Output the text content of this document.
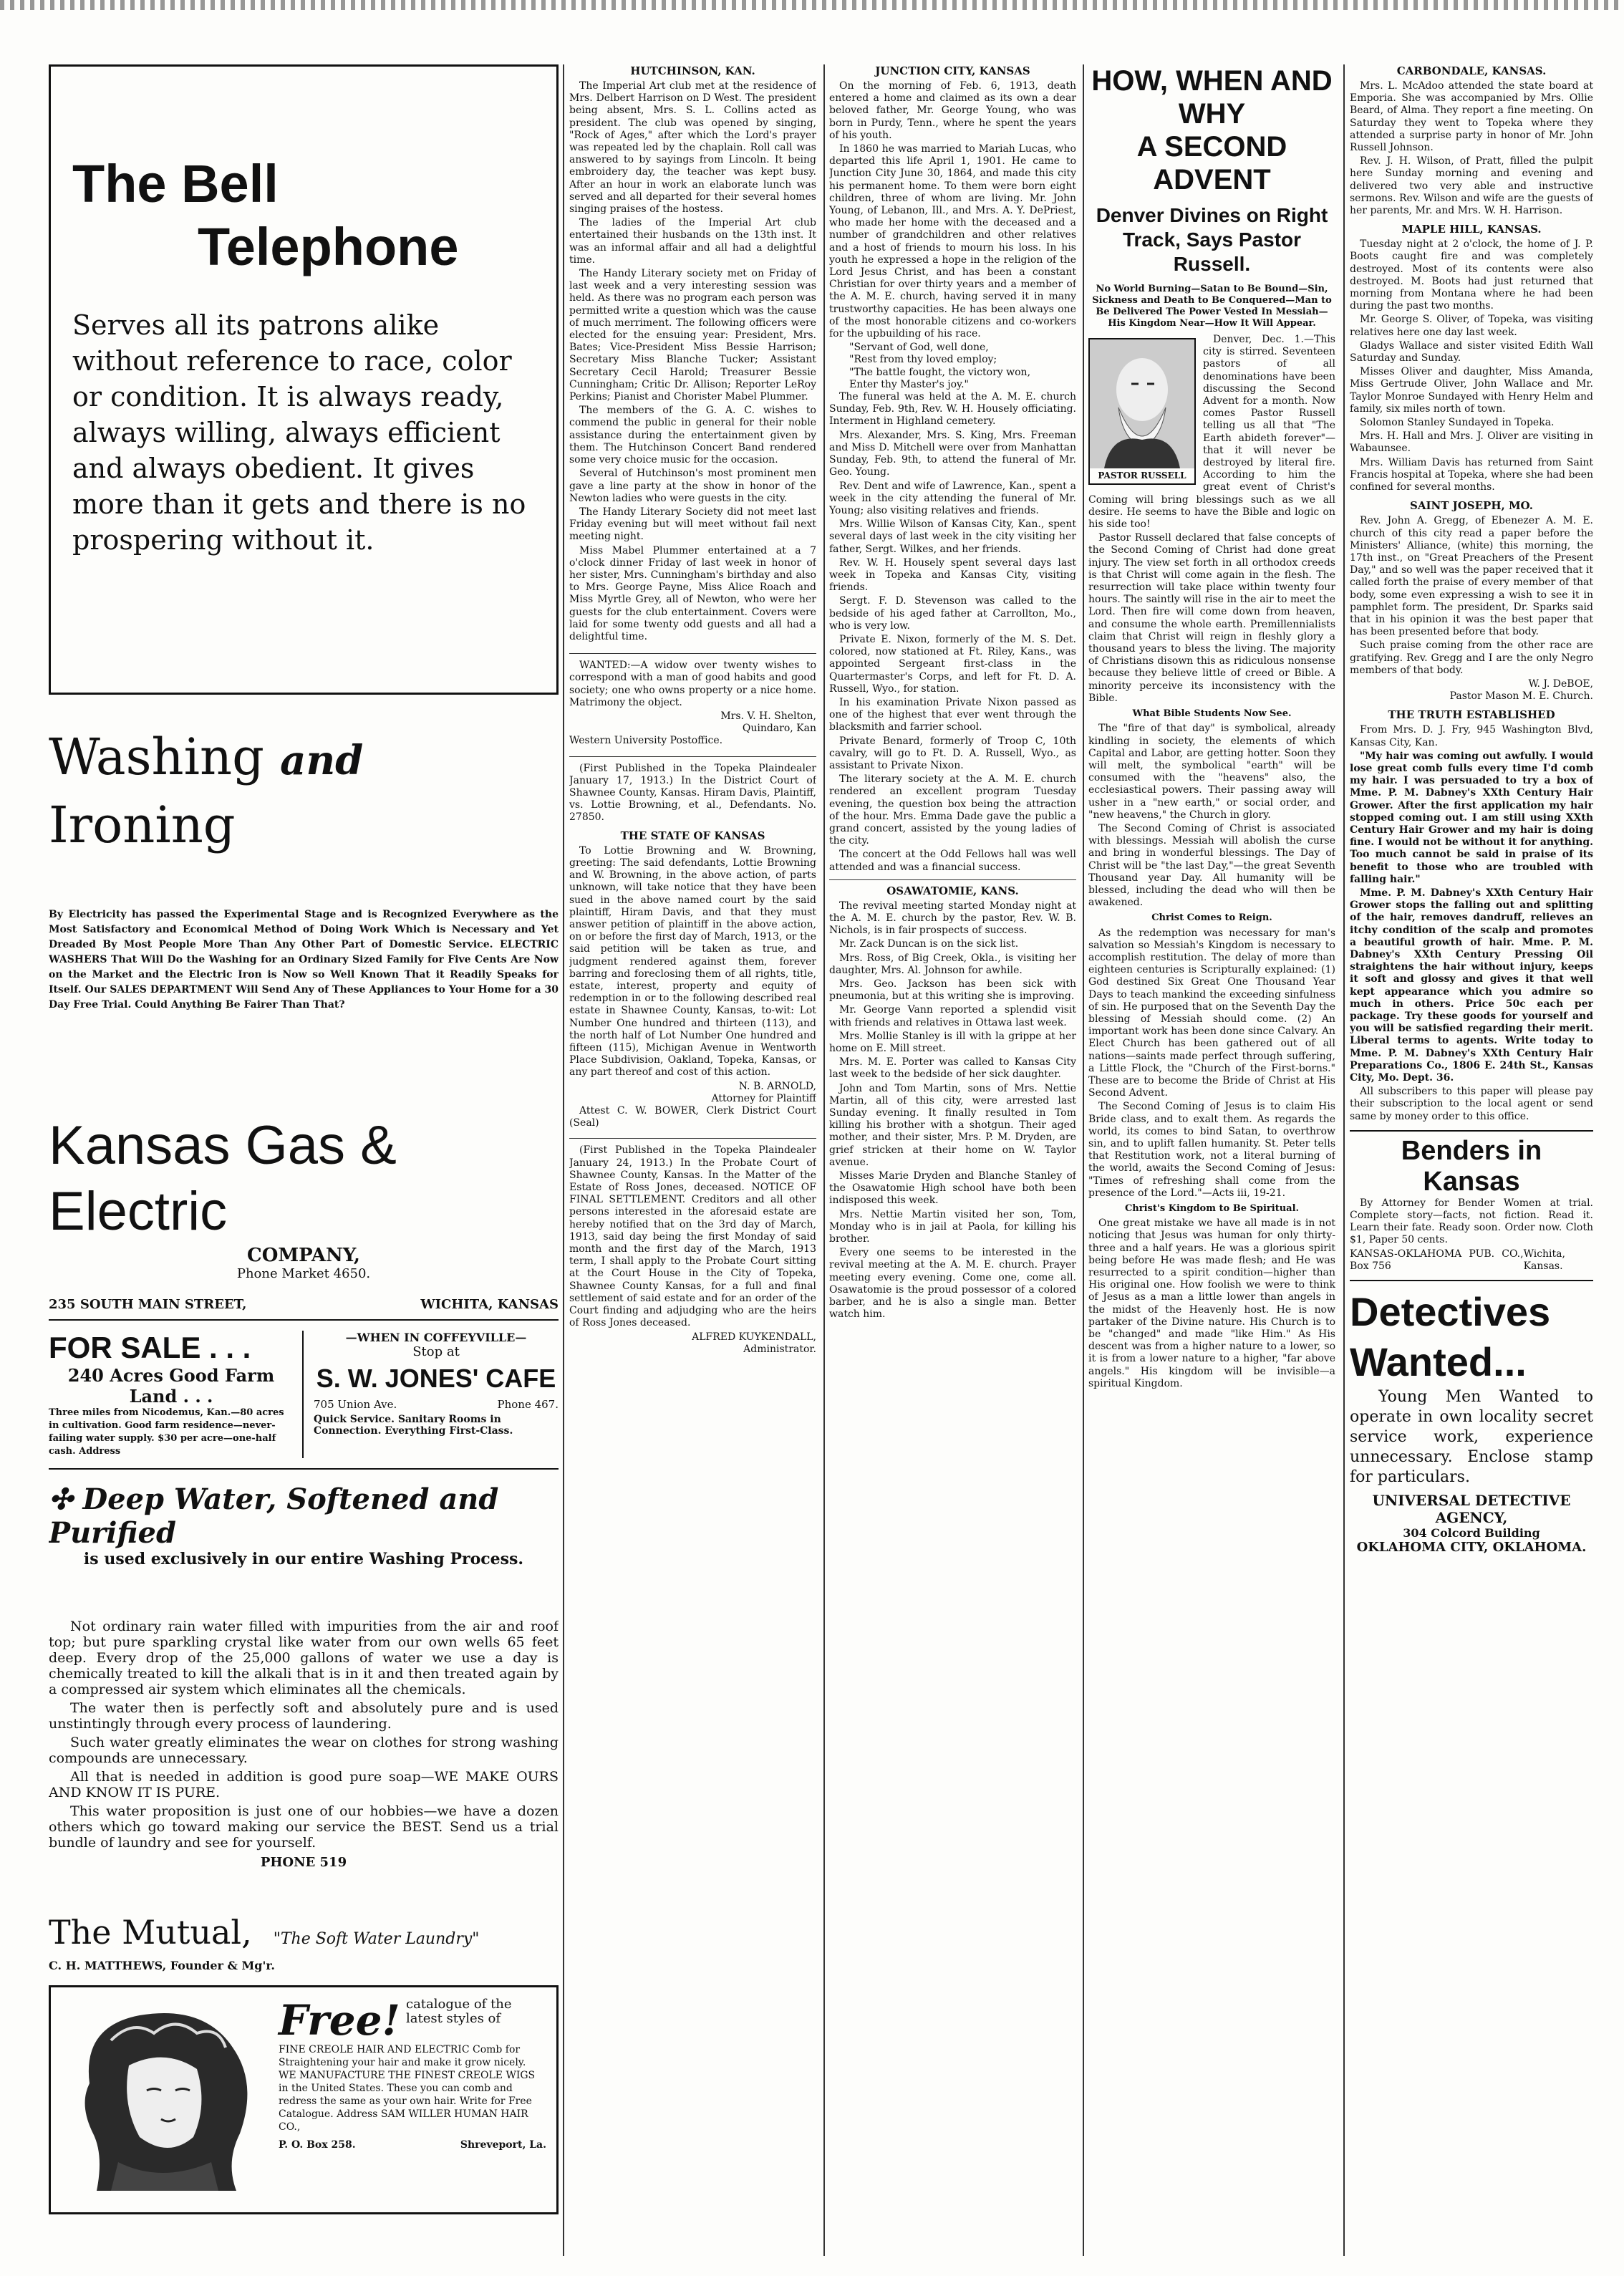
The Bell
Telephone
Serves all its patrons alike without reference to race, color or condition. It is always ready, always willing, always efficient and always obedient. It gives more than it gets and there is no prospering without it.
Washing and Ironing
By Electricity has passed the Experimental Stage and is Recognized Everywhere as the Most Satisfactory and Economical Method of Doing Work Which is Necessary and Yet Dreaded By Most People More Than Any Other Part of Domestic Service. ELECTRIC WASHERS That Will Do the Washing for an Ordinary Sized Family for Five Cents Are Now on the Market and the Electric Iron is Now so Well Known That it Readily Speaks for Itself. Our SALES DEPARTMENT Will Send Any of These Appliances to Your Home for a 30 Day Free Trial. Could Anything Be Fairer Than That?
Kansas Gas & Electric
COMPANY,
Phone Market 4650.
235 SOUTH MAIN STREET,	WICHITA, KANSAS
FOR SALE . . .
240 Acres Good Farm Land . . .
Three miles from Nicodemus, Kan.—80 acres in cultivation. Good farm residence—never-failing water supply. $30 per acre—one-half cash. Address
—WHEN IN COFFEYVILLE—
Stop at
S. W. JONES' CAFE
705 Union Ave.	Phone 467.
Quick Service. Sanitary Rooms in Connection. Everything First-Class.
✣ Deep Water, Softened and Purified
is used exclusively in our entire Washing Process.

Not ordinary rain water filled with impurities from the air and roof top; but pure sparkling crystal like water from our own wells 65 feet deep. Every drop of the 25,000 gallons of water we use a day is chemically treated to kill the alkali that is in it and then treated again by a compressed air system which eliminates all the chemicals.

The water then is perfectly soft and absolutely pure and is used unstintingly through every process of laundering.

Such water greatly eliminates the wear on clothes for strong washing compounds are unnecessary.

All that is needed in addition is good pure soap—WE MAKE OURS AND KNOW IT IS PURE.

This water proposition is just one of our hobbies—we have a dozen others which go toward making our service the BEST. Send us a trial bundle of laundry and see for yourself.

PHONE 519
The Mutual, "The Soft Water Laundry"
C. H. MATTHEWS, Founder & Mg'r.
Free! catalogue of the latest styles of
FINE CREOLE HAIR AND ELECTRIC Comb for Straightening your hair and make it grow nicely. WE MANUFACTURE THE FINEST CREOLE WIGS in the United States. These you can comb and redress the same as your own hair. Write for Free Catalogue. Address SAM WILLER HUMAN HAIR CO.,
P. O. Box 258.	Shreveport, La.
HUTCHINSON, KAN.

The Imperial Art club met at the residence of Mrs. Delbert Harrison on D West. The president being absent, Mrs. S. L. Collins acted as president. The club was opened by singing, "Rock of Ages," after which the Lord's prayer was repeated led by the chaplain. Roll call was answered to by sayings from Lincoln. It being embroidery day, the teacher was kept busy. After an hour in work an elaborate lunch was served and all departed for their several homes singing praises of the hostess.

The ladies of the Imperial Art club entertained their husbands on the 13th inst. It was an informal affair and all had a delightful time.

The Handy Literary society met on Friday of last week and a very interesting session was held. As there was no program each person was permitted write a question which was the cause of much merriment. The following officers were elected for the ensuing year: President, Mrs. Bates; Vice-President Miss Bessie Harrison; Secretary Miss Blanche Tucker; Assistant Secretary Cecil Harold; Treasurer Bessie Cunningham; Critic Dr. Allison; Reporter LeRoy Perkins; Pianist and Chorister Mabel Plummer.

The members of the G. A. C. wishes to commend the public in general for their noble assistance during the entertainment given by them. The Hutchinson Concert Band rendered some very choice music for the occasion.

Several of Hutchinson's most prominent men gave a line party at the show in honor of the Newton ladies who were guests in the city.

The Handy Literary Society did not meet last Friday evening but will meet without fail next meeting night.

Miss Mabel Plummer entertained at a 7 o'clock dinner Friday of last week in honor of her sister, Mrs. Cunningham's birthday and also to Mrs. George Payne, Miss Alice Roach and Miss Myrtle Grey, all of Newton, who were her guests for the club entertainment. Covers were laid for some twenty odd guests and all had a delightful time.

WANTED:—A widow over twenty wishes to correspond with a man of good habits and good society; one who owns property or a nice home. Matrimony the object.

Mrs. V. H. Shelton,
Quindaro, Kan
Western University Postoffice.

(First Published in the Topeka Plaindealer January 17, 1913.) In the District Court of Shawnee County, Kansas. Hiram Davis, Plaintiff, vs. Lottie Browning, et al., Defendants. No. 27850.

THE STATE OF KANSAS

To Lottie Browning and W. Browning, greeting: The said defendants, Lottie Browning and W. Browning, in the above action, of parts unknown, will take notice that they have been sued in the above named court by the said plaintiff, Hiram Davis, and that they must answer petition of plaintiff in the above action, on or before the first day of March, 1913, or the said petition will be taken as true, and judgment rendered against them, forever barring and foreclosing them of all rights, title, estate, interest, property and equity of redemption in or to the following described real estate in Shawnee County, Kansas, to-wit: Lot Number One hundred and thirteen (113), and the north half of Lot Number One hundred and fifteen (115), Michigan Avenue in Wentworth Place Subdivision, Oakland, Topeka, Kansas, or any part thereof and cost of this action.

N. B. ARNOLD,
Attorney for Plaintiff

Attest C. W. BOWER, Clerk District Court (Seal)

(First Published in the Topeka Plaindealer January 24, 1913.) In the Probate Court of Shawnee County, Kansas. In the Matter of the Estate of Ross Jones, deceased. NOTICE OF FINAL SETTLEMENT. Creditors and all other persons interested in the aforesaid estate are hereby notified that on the 3rd day of March, 1913, said day being the first Monday of said month and the first day of the March, 1913 term, I shall apply to the Probate Court sitting at the Court House in the City of Topeka, Shawnee County Kansas, for a full and final settlement of said estate and for an order of the Court finding and adjudging who are the heirs of Ross Jones deceased.

ALFRED KUYKENDALL,
Administrator.
JUNCTION CITY, KANSAS

On the morning of Feb. 6, 1913, death entered a home and claimed as its own a dear beloved father, Mr. George Young, who was born in Purdy, Tenn., where he spent the years of his youth.

In 1860 he was married to Mariah Lucas, who departed this life April 1, 1901. He came to Junction City June 30, 1864, and made this city his permanent home. To them were born eight children, three of whom are living. Mr. John Young, of Lebanon, Ill., and Mrs. A. Y. DePriest, who made her home with the deceased and a number of grandchildren and other relatives and a host of friends to mourn his loss. In his youth he expressed a hope in the religion of the Lord Jesus Christ, and has been a constant Christian for over thirty years and a member of the A. M. E. church, having served it in many trustworthy capacities. He has been always one of the most honorable citizens and co-workers for the upbuilding of his race.

"Servant of God, well done,
"Rest from thy loved employ;
"The battle fought, the victory won,
Enter thy Master's joy."

The funeral was held at the A. M. E. church Sunday, Feb. 9th, Rev. W. H. Housely officiating. Interment in Highland cemetery.

Mrs. Alexander, Mrs. S. King, Mrs. Freeman and Miss D. Mitchell were over from Manhattan Sunday, Feb. 9th, to attend the funeral of Mr. Geo. Young.

Rev. Dent and wife of Lawrence, Kan., spent a week in the city attending the funeral of Mr. Young; also visiting relatives and friends.

Mrs. Willie Wilson of Kansas City, Kan., spent several days of last week in the city visiting her father, Sergt. Wilkes, and her friends.

Rev. W. H. Housely spent several days last week in Topeka and Kansas City, visiting friends.

Sergt. F. D. Stevenson was called to the bedside of his aged father at Carrollton, Mo., who is very low.

Private E. Nixon, formerly of the M. S. Det. colored, now stationed at Ft. Riley, Kans., was appointed Sergeant first-class in the Quartermaster's Corps, and left for Ft. D. A. Russell, Wyo., for station.

In his examination Private Nixon passed as one of the highest that ever went through the blacksmith and farrier school.

Private Benard, formerly of Troop C, 10th cavalry, will go to Ft. D. A. Russell, Wyo., as assistant to Private Nixon.

The literary society at the A. M. E. church rendered an excellent program Tuesday evening, the question box being the attraction of the hour. Mrs. Emma Dade gave the public a grand concert, assisted by the young ladies of the city.

The concert at the Odd Fellows hall was well attended and was a financial success.

OSAWATOMIE, KANS.

The revival meeting started Monday night at the A. M. E. church by the pastor, Rev. W. B. Nichols, is in fair prospects of success.

Mr. Zack Duncan is on the sick list.

Mrs. Ross, of Big Creek, Okla., is visiting her daughter, Mrs. Al. Johnson for awhile.

Mrs. Geo. Jackson has been sick with pneumonia, but at this writing she is improving.

Mr. George Vann reported a splendid visit with friends and relatives in Ottawa last week.

Mrs. Mollie Stanley is ill with la grippe at her home on E. Mill street.

Mrs. M. E. Porter was called to Kansas City last week to the bedside of her sick daughter.

John and Tom Martin, sons of Mrs. Nettie Martin, all of this city, were arrested last Sunday evening. It finally resulted in Tom killing his brother with a shotgun. Their aged mother, and their sister, Mrs. P. M. Dryden, are grief stricken at their home on W. Taylor avenue.

Misses Marie Dryden and Blanche Stanley of the Osawatomie High school have both been indisposed this week.

Mrs. Nettie Martin visited her son, Tom, Monday who is in jail at Paola, for killing his brother.

Every one seems to be interested in the revival meeting at the A. M. E. church. Prayer meeting every evening. Come one, come all. Osawatomie is the proud possessor of a colored barber, and he is also a single man. Better watch him.

HOW, WHEN AND WHY
A SECOND ADVENT
Denver Divines on Right Track, Says Pastor Russell.
No World Burning—Satan to Be Bound—Sin, Sickness and Death to Be Conquered—Man to Be Delivered The Power Vested In Messiah—His Kingdom Near—How It Will Appear.
PASTOR RUSSELL

Denver, Dec. 1.—This city is stirred. Seventeen pastors of all denominations have been discussing the Second Advent for a month. Now comes Pastor Russell telling us all that "The Earth abideth forever"—that it will never be destroyed by literal fire. According to him the great event of Christ's Coming will bring blessings such as we all desire. He seems to have the Bible and logic on his side too!

Pastor Russell declared that false concepts of the Second Coming of Christ had done great injury. The view set forth in all orthodox creeds is that Christ will come again in the flesh. The resurrection will take place within twenty four hours. The saintly will rise in the air to meet the Lord. Then fire will come down from heaven, and consume the whole earth. Premillennialists claim that Christ will reign in fleshly glory a thousand years to bless the living. The majority of Christians disown this as ridiculous nonsense because they believe little of creed or Bible. A minority perceive its inconsistency with the Bible.

What Bible Students Now See.

The "fire of that day" is symbolical, already kindling in society, the elements of which Capital and Labor, are getting hotter. Soon they will melt, the symbolical "earth" will be consumed with the "heavens" also, the ecclesiastical powers. Their passing away will usher in a "new earth," or social order, and "new heavens," the Church in glory.

The Second Coming of Christ is associated with blessings. Messiah will abolish the curse and bring in wonderful blessings. The Day of Christ will be "the last Day,"—the great Seventh Thousand year Day. All humanity will be blessed, including the dead who will then be awakened.

Christ Comes to Reign.

As the redemption was necessary for man's salvation so Messiah's Kingdom is necessary to accomplish restitution. The delay of more than eighteen centuries is Scripturally explained: (1) God destined Six Great One Thousand Year Days to teach mankind the exceeding sinfulness of sin. He purposed that on the Seventh Day the blessing of Messiah should come. (2) An important work has been done since Calvary. An Elect Church has been gathered out of all nations—saints made perfect through suffering, a Little Flock, the "Church of the First-borns." These are to become the Bride of Christ at His Second Advent.

The Second Coming of Jesus is to claim His Bride class, and to exalt them. As regards the world, its comes to bind Satan, to overthrow sin, and to uplift fallen humanity. St. Peter tells that Restitution work, not a literal burning of the world, awaits the Second Coming of Jesus: "Times of refreshing shall come from the presence of the Lord."—Acts iii, 19-21.

Christ's Kingdom to Be Spiritual.

One great mistake we have all made is in not noticing that Jesus was human for only thirty-three and a half years. He was a glorious spirit being before He was made flesh; and He was resurrected to a spirit condition—higher than His original one. How foolish we were to think of Jesus as a man a little lower than angels in the midst of the Heavenly host. He is now partaker of the Divine nature. His Church is to be "changed" and made "like Him." As His descent was from a higher nature to a lower, so it is from a lower nature to a higher, "far above angels." His kingdom will be invisible—a spiritual Kingdom.

CARBONDALE, KANSAS.

Mrs. L. McAdoo attended the state board at Emporia. She was accompanied by Mrs. Ollie Beard, of Alma. They report a fine meeting. On Saturday they went to Topeka where they attended a surprise party in honor of Mr. John Russell Johnson.

Rev. J. H. Wilson, of Pratt, filled the pulpit here Sunday morning and evening and delivered two very able and instructive sermons. Rev. Wilson and wife are the guests of her parents, Mr. and Mrs. W. H. Harrison.

MAPLE HILL, KANSAS.

Tuesday night at 2 o'clock, the home of J. P. Boots caught fire and was completely destroyed. Most of its contents were also destroyed. M. Boots had just returned that morning from Montana where he had been during the past two months.

Mr. George S. Oliver, of Topeka, was visiting relatives here one day last week.

Gladys Wallace and sister visited Edith Wall Saturday and Sunday.

Misses Oliver and daughter, Miss Amanda, Miss Gertrude Oliver, John Wallace and Mr. Taylor Monroe Sundayed with Henry Helm and family, six miles north of town.

Solomon Stanley Sundayed in Topeka.

Mrs. H. Hall and Mrs. J. Oliver are visiting in Wabaunsee.

Mrs. William Davis has returned from Saint Francis hospital at Topeka, where she had been confined for several months.

SAINT JOSEPH, MO.

Rev. John A. Gregg, of Ebenezer A. M. E. church of this city read a paper before the Ministers' Alliance, (white) this morning, the 17th inst., on "Great Preachers of the Present Day," and so well was the paper received that it called forth the praise of every member of that body, some even expressing a wish to see it in pamphlet form. The president, Dr. Sparks said that in his opinion it was the best paper that has been presented before that body.

Such praise coming from the other race are gratifying. Rev. Gregg and I are the only Negro members of that body.

W. J. DeBOE,
Pastor Mason M. E. Church.
THE TRUTH ESTABLISHED

From Mrs. D. J. Fry, 945 Washington Blvd, Kansas City, Kan.

"My hair was coming out awfully. I would lose great comb fulls every time I'd comb my hair. I was persuaded to try a box of Mme. P. M. Dabney's XXth Century Hair Grower. After the first application my hair stopped coming out. I am still using XXth Century Hair Grower and my hair is doing fine. I would not be without it for anything. Too much cannot be said in praise of its benefit to those who are troubled with falling hair."

Mme. P. M. Dabney's XXth Century Hair Grower stops the falling out and splitting of the hair, removes dandruff, relieves an itchy condition of the scalp and promotes a beautiful growth of hair. Mme. P. M. Dabney's XXth Century Pressing Oil straightens the hair without injury, keeps it soft and glossy and gives it that well kept appearance which you admire so much in others. Price 50c each per package. Try these goods for yourself and you will be satisfied regarding their merit. Liberal terms to agents. Write today to Mme. P. M. Dabney's XXth Century Hair Preparations Co., 1806 E. 24th St., Kansas City, Mo. Dept. 36.

All subscribers to this paper will please pay their subscription to the local agent or send same by money order to this office.

Benders in Kansas

By Attorney for Bender Women at trial. Complete story—facts, not fiction. Read it. Learn their fate. Ready soon. Order now. Cloth $1, Paper 50 cents.

KANSAS-OKLAHOMA PUB. CO., Box 756
Wichita, Kansas.
Detectives
Wanted...
Young Men Wanted to operate in own locality secret service work, experience unnecessary. Enclose stamp for particulars.
UNIVERSAL DETECTIVE AGENCY,
304 Colcord Building
OKLAHOMA CITY, OKLAHOMA.
